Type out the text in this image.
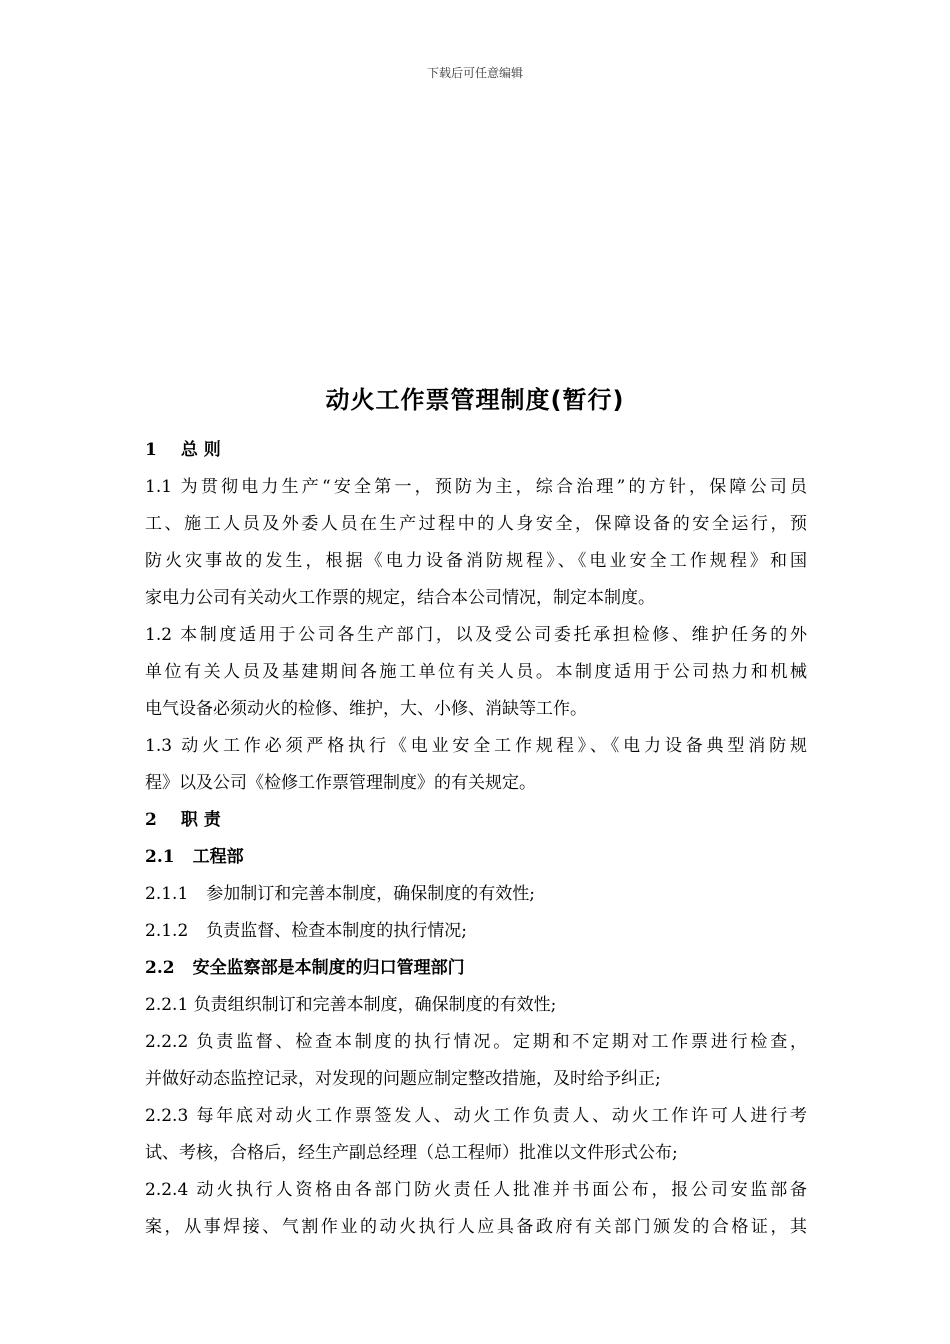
下载后可任意编辑
动火工作票管理制度(暂行)
1 总 则
1.1 为贯彻电力生产“安全第一，预防为主，综合治理”的方针，保障公司员
工、施工人员及外委人员在生产过程中的人身安全，保障设备的安全运行，预
防火灾事故的发生，根据《电力设备消防规程》、《电业安全工作规程》和国
家电力公司有关动火工作票的规定，结合本公司情况，制定本制度。
1.2 本制度适用于公司各生产部门，以及受公司委托承担检修、维护任务的外
单位有关人员及基建期间各施工单位有关人员。本制度适用于公司热力和机械
电气设备必须动火的检修、维护，大、小修、消缺等工作。
1.3 动火工作必须严格执行《电业安全工作规程》、《电力设备典型消防规
程》以及公司《检修工作票管理制度》的有关规定。
2 职 责
2.1 工程部
2.1.1 参加制订和完善本制度，确保制度的有效性;
2.1.2 负责监督、检查本制度的执行情况;
2.2 安全监察部是本制度的归口管理部门
2.2.1 负责组织制订和完善本制度，确保制度的有效性;
2.2.2 负责监督、检查本制度的执行情况。定期和不定期对工作票进行检查，
并做好动态监控记录，对发现的问题应制定整改措施，及时给予纠正;
2.2.3 每年底对动火工作票签发人、动火工作负责人、动火工作许可人进行考
试、考核，合格后，经生产副总经理（总工程师）批准以文件形式公布;
2.2.4 动火执行人资格由各部门防火责任人批准并书面公布，报公司安监部备
案，从事焊接、气割作业的动火执行人应具备政府有关部门颁发的合格证，其
